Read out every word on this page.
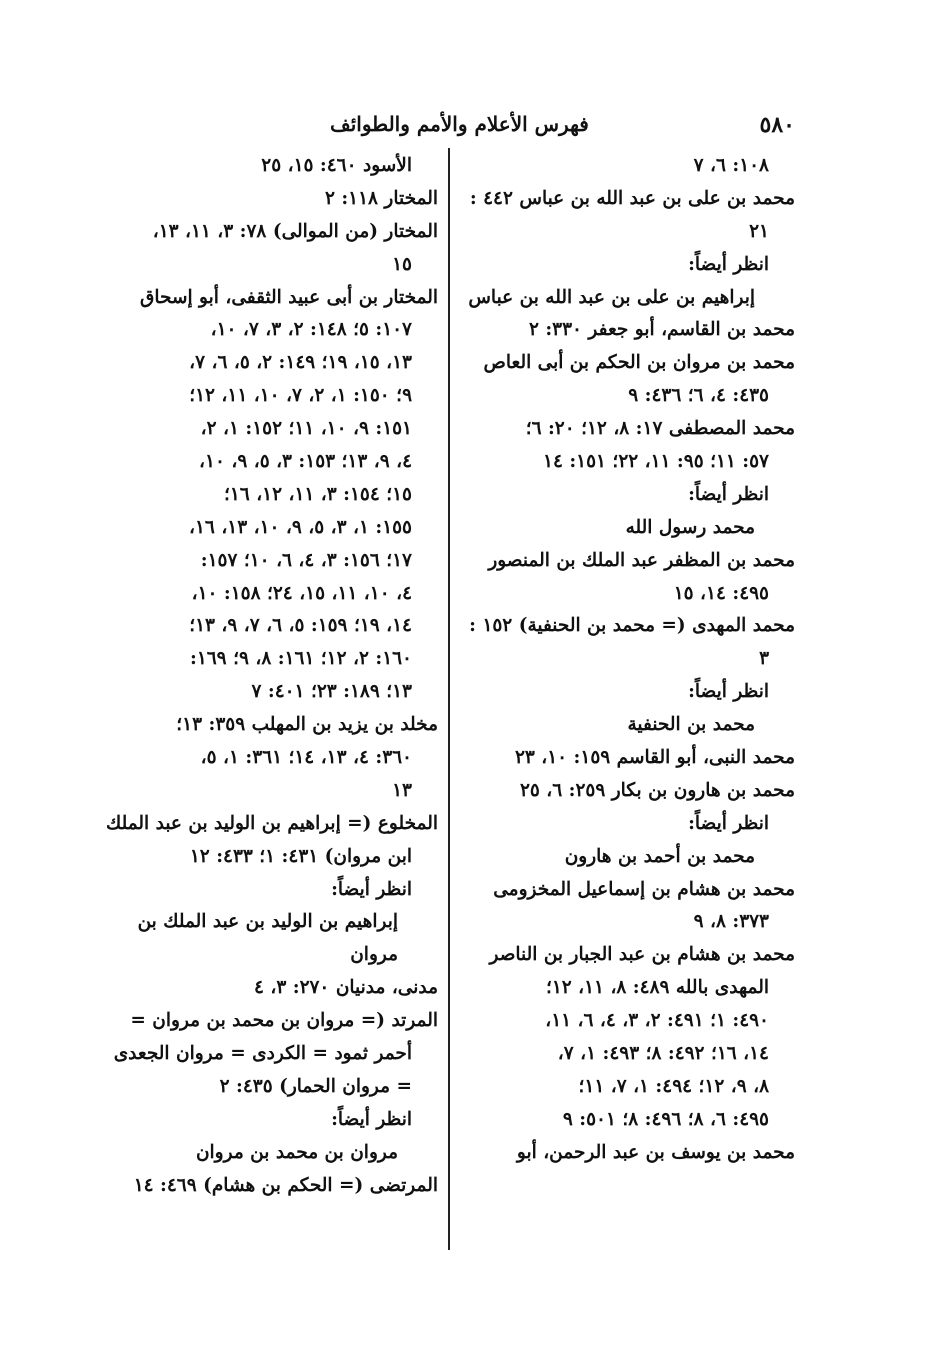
٥٨٠
فهرس الأعلام والأمم والطوائف
١٠٨: ٦، ٧
محمد بن على بن عبد الله بن عباس ٤٤٢ :
٢١
انظر أيضاً:
إبراهيم بن على بن عبد الله بن عباس
محمد بن القاسم، أبو جعفر ٣٣٠: ٢
محمد بن مروان بن الحكم بن أبى العاص
٤٣٥: ٤، ٦؛ ٤٣٦: ٩
محمد المصطفى ١٧: ٨، ١٢؛ ٢٠: ٦؛
٥٧: ١١؛ ٩٥: ١١، ٢٢؛ ١٥١: ١٤
انظر أيضاً:
محمد رسول الله
محمد بن المظفر عبد الملك بن المنصور
٤٩٥: ١٤، ١٥
محمد المهدى (= محمد بن الحنفية) ١٥٢ :
٣
انظر أيضاً:
محمد بن الحنفية
محمد النبى، أبو القاسم ١٥٩: ١٠، ٢٣
محمد بن هارون بن بكار ٢٥٩: ٦، ٢٥
انظر أيضاً:
محمد بن أحمد بن هارون
محمد بن هشام بن إسماعيل المخزومى
٣٧٣: ٨، ٩
محمد بن هشام بن عبد الجبار بن الناصر
المهدى بالله ٤٨٩: ٨، ١١، ١٢؛
٤٩٠: ١؛ ٤٩١: ٢، ٣، ٤، ٦، ١١،
١٤، ١٦؛ ٤٩٢: ٨؛ ٤٩٣: ١، ٧،
٨، ٩، ١٢؛ ٤٩٤: ١، ٧، ١١؛
٤٩٥: ٦، ٨؛ ٤٩٦: ٨؛ ٥٠١: ٩
محمد بن يوسف بن عبد الرحمن، أبو
الأسود ٤٦٠: ١٥، ٢٥
المختار ١١٨: ٢
المختار (من الموالى) ٧٨: ٣، ١١، ١٣،
١٥
المختار بن أبى عبيد الثقفى، أبو إسحاق
١٠٧: ٥؛ ١٤٨: ٢، ٣، ٧، ١٠،
١٣، ١٥، ١٩؛ ١٤٩: ٢، ٥، ٦، ٧،
٩؛ ١٥٠: ١، ٢، ٧، ١٠، ١١، ١٢؛
١٥١: ٩، ١٠، ١١؛ ١٥٢: ١، ٢،
٤، ٩، ١٣؛ ١٥٣: ٣، ٥، ٩، ١٠،
١٥؛ ١٥٤: ٣، ١١، ١٢، ١٦؛
١٥٥: ١، ٣، ٥، ٩، ١٠، ١٣، ١٦،
١٧؛ ١٥٦: ٣، ٤، ٦، ١٠؛ ١٥٧:
٤، ١٠، ١١، ١٥، ٢٤؛ ١٥٨: ١٠،
١٤، ١٩؛ ١٥٩: ٥، ٦، ٧، ٩، ١٣؛
١٦٠: ٢، ١٢؛ ١٦١: ٨، ٩؛ ١٦٩:
١٣؛ ١٨٩: ٢٣؛ ٤٠١: ٧
مخلد بن يزيد بن المهلب ٣٥٩: ١٣؛
٣٦٠: ٤، ١٣، ١٤؛ ٣٦١: ١، ٥،
١٣
المخلوع (= إبراهيم بن الوليد بن عبد الملك
ابن مروان) ٤٣١: ١؛ ٤٣٣: ١٢
انظر أيضاً:
إبراهيم بن الوليد بن عبد الملك بن
مروان
مدنى، مدنيان ٢٧٠: ٣، ٤
المرتد (= مروان بن محمد بن مروان =
أحمر ثمود = الكردى = مروان الجعدى
= مروان الحمار) ٤٣٥: ٢
انظر أيضاً:
مروان بن محمد بن مروان
المرتضى (= الحكم بن هشام) ٤٦٩: ١٤
